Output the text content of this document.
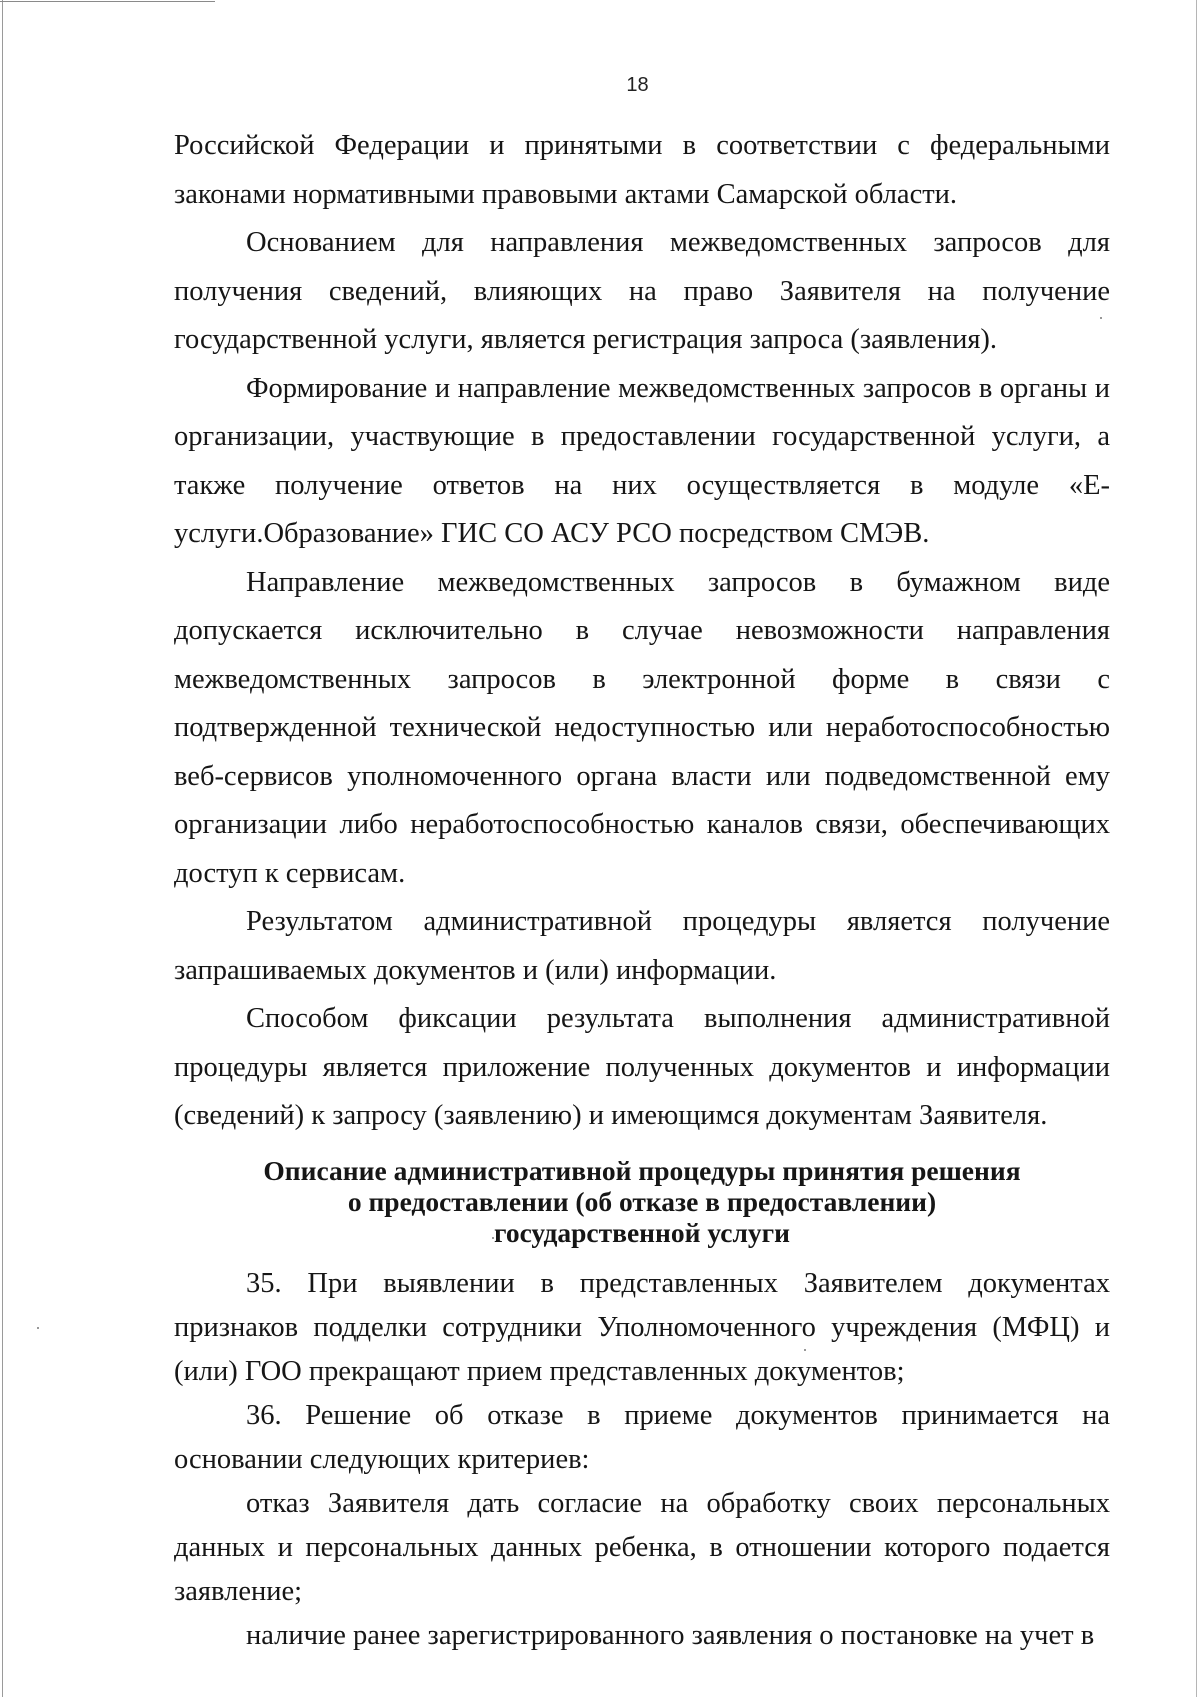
18

Российской Федерации и принятыми в соответствии с федеральными законами нормативными правовыми актами Самарской области.

Основанием для направления межведомственных запросов для получения сведений, влияющих на право Заявителя на получение государственной услуги, является регистрация запроса (заявления).

Формирование и направление межведомственных запросов в органы и организации, участвующие в предоставлении государственной услуги, а также получение ответов на них осуществляется в модуле «Е-услуги.Образование» ГИС СО АСУ РСО посредством СМЭВ.

Направление межведомственных запросов в бумажном виде допускается исключительно в случае невозможности направления межведомственных запросов в электронной форме в связи с подтвержденной технической недоступностью или неработоспособностью веб-сервисов уполномоченного органа власти или подведомственной ему организации либо неработоспособностью каналов связи, обеспечивающих доступ к сервисам.

Результатом административной процедуры является получение запрашиваемых документов и (или) информации.

Способом фиксации результата выполнения административной процедуры является приложение полученных документов и информации (сведений) к запросу (заявлению) и имеющимся документам Заявителя.

Описание административной процедуры принятия решения
о предоставлении (об отказе в предоставлении)
государственной услуги

35. При выявлении в представленных Заявителем документах признаков подделки сотрудники Уполномоченного учреждения (МФЦ) и (или) ГОО прекращают прием представленных документов;

36. Решение об отказе в приеме документов принимается на основании следующих критериев:

отказ Заявителя дать согласие на обработку своих персональных данных и персональных данных ребенка, в отношении которого подается заявление;

наличие ранее зарегистрированного заявления о постановке на учет в
